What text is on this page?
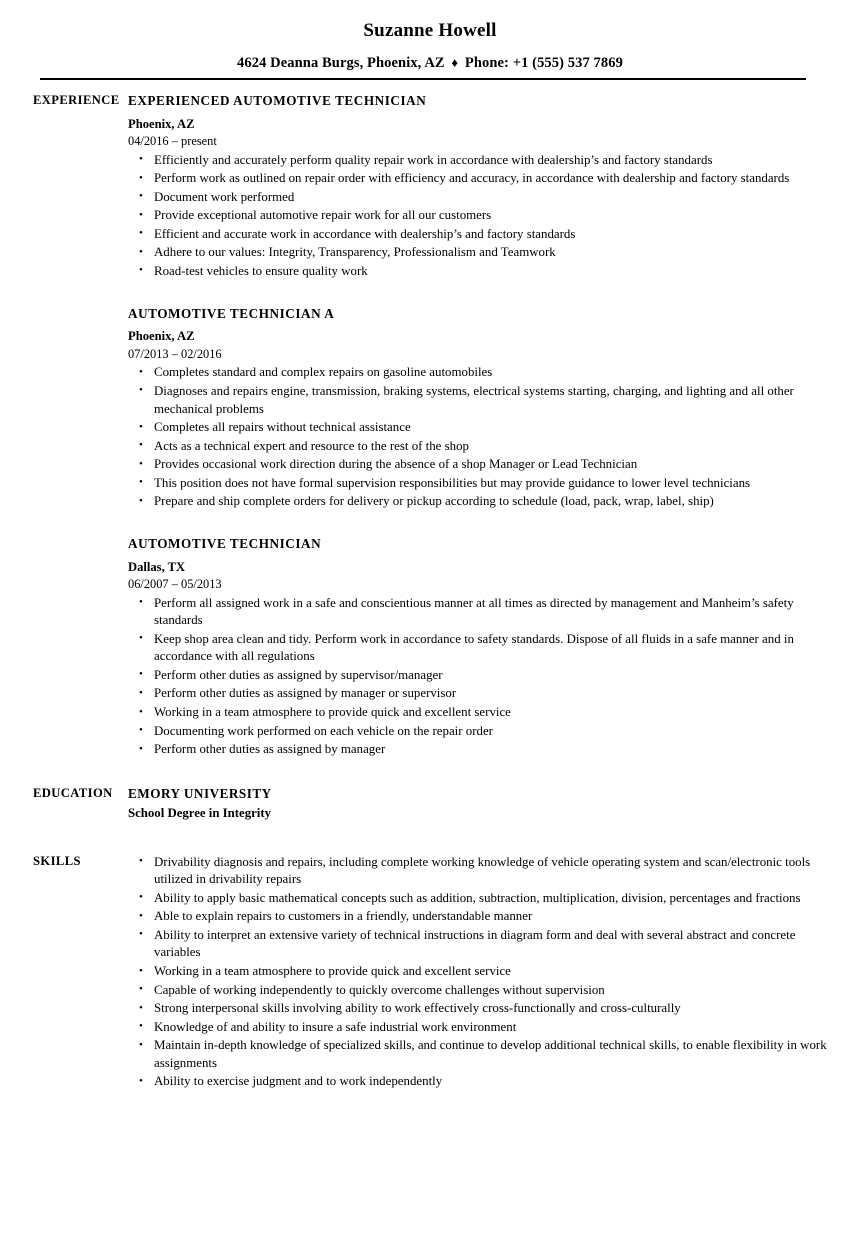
Suzanne Howell
4624 Deanna Burgs, Phoenix, AZ ♦ Phone: +1 (555) 537 7869
EXPERIENCE EXPERIENCED AUTOMOTIVE TECHNICIAN
Phoenix, AZ
04/2016 – present
• Efficiently and accurately perform quality repair work in accordance with dealership’s and factory standards
• Perform work as outlined on repair order with efficiency and accuracy, in accordance with dealership and factory standards
• Document work performed
• Provide exceptional automotive repair work for all our customers
• Efficient and accurate work in accordance with dealership’s and factory standards
• Adhere to our values: Integrity, Transparency, Professionalism and Teamwork
• Road-test vehicles to ensure quality work
AUTOMOTIVE TECHNICIAN A
Phoenix, AZ
07/2013 – 02/2016
• Completes standard and complex repairs on gasoline automobiles
• Diagnoses and repairs engine, transmission, braking systems, electrical systems starting, charging, and lighting and all other mechanical problems
• Completes all repairs without technical assistance
• Acts as a technical expert and resource to the rest of the shop
• Provides occasional work direction during the absence of a shop Manager or Lead Technician
• This position does not have formal supervision responsibilities but may provide guidance to lower level technicians
• Prepare and ship complete orders for delivery or pickup according to schedule (load, pack, wrap, label, ship)
AUTOMOTIVE TECHNICIAN
Dallas, TX
06/2007 – 05/2013
• Perform all assigned work in a safe and conscientious manner at all times as directed by management and Manheim’s safety standards
• Keep shop area clean and tidy. Perform work in accordance to safety standards. Dispose of all fluids in a safe manner and in accordance with all regulations
• Perform other duties as assigned by supervisor/manager
• Perform other duties as assigned by manager or supervisor
• Working in a team atmosphere to provide quick and excellent service
• Documenting work performed on each vehicle on the repair order
• Perform other duties as assigned by manager
EDUCATION	EMORY UNIVERSITY
School Degree in Integrity
SKILLS	• Drivability diagnosis and repairs, including complete working knowledge of vehicle operating system and scan/electronic tools utilized in drivability repairs
• Ability to apply basic mathematical concepts such as addition, subtraction, multiplication, division, percentages and fractions
• Able to explain repairs to customers in a friendly, understandable manner
• Ability to interpret an extensive variety of technical instructions in diagram form and deal with several abstract and concrete variables
• Working in a team atmosphere to provide quick and excellent service
• Capable of working independently to quickly overcome challenges without supervision
• Strong interpersonal skills involving ability to work effectively cross-functionally and cross-culturally
• Knowledge of and ability to insure a safe industrial work environment
• Maintain in-depth knowledge of specialized skills, and continue to develop additional technical skills, to enable flexibility in work assignments
• Ability to exercise judgment and to work independently
